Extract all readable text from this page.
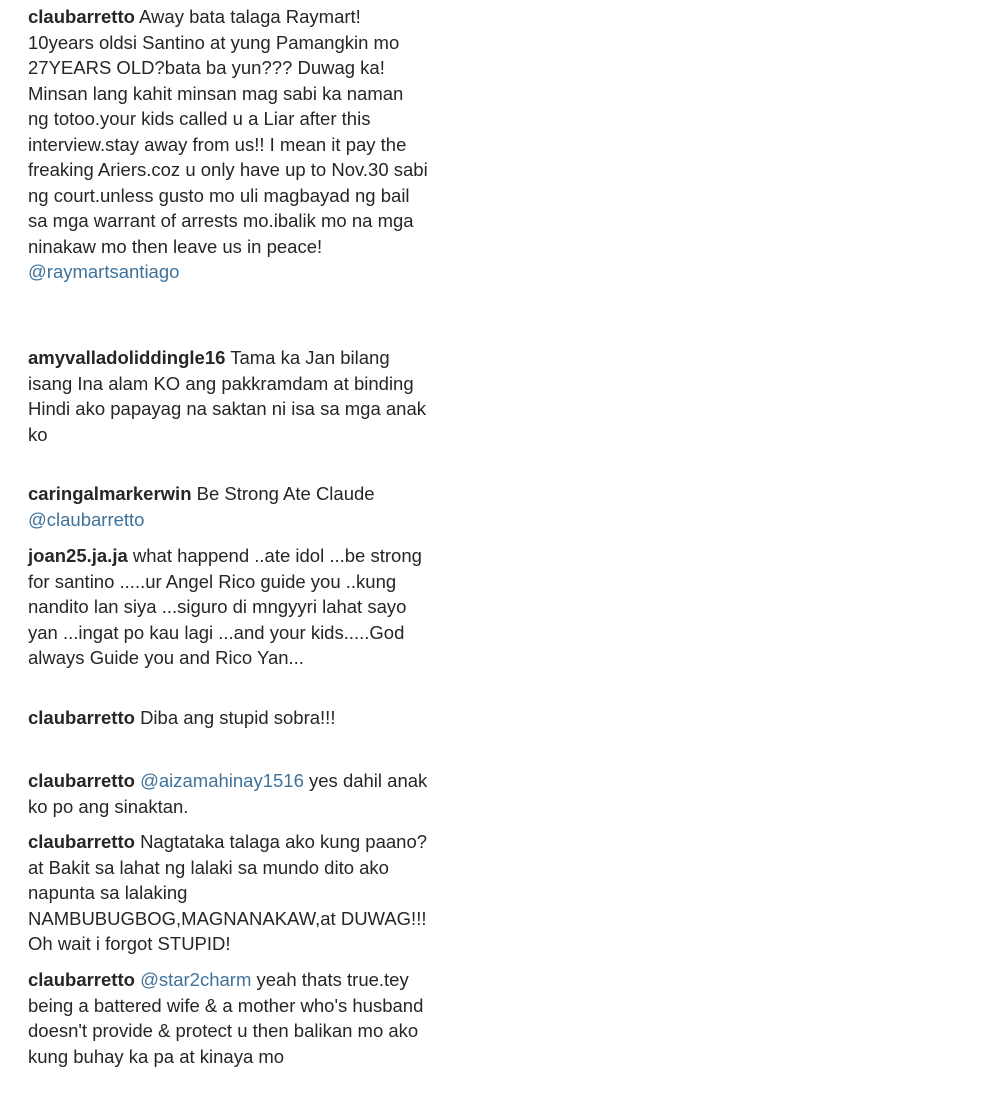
claubarretto Away bata talaga Raymart! 10years oldsi Santino at yung Pamangkin mo 27YEARS OLD?bata ba yun??? Duwag ka! Minsan lang kahit minsan mag sabi ka naman ng totoo.your kids called u a Liar after this interview.stay away from us!! I mean it pay the freaking Ariers.coz u only have up to Nov.30 sabi ng court.unless gusto mo uli magbayad ng bail sa mga warrant of arrests mo.ibalik mo na mga ninakaw mo then leave us in peace! @raymartsantiago
amyvalladoliddingle16 Tama ka Jan bilang isang Ina alam KO ang pakkramdam at binding Hindi ako papayag na saktan ni isa sa mga anak ko
caringalmarkerwin Be Strong Ate Claude @claubarretto
joan25.ja.ja what happend ..ate idol ...be strong for santino .....ur Angel Rico guide you ..kung nandito lan siya ...siguro di mngyyri lahat sayo yan ...ingat po kau lagi ...and your kids.....God always Guide you and Rico Yan...
claubarretto Diba ang stupid sobra!!!
claubarretto @aizamahinay1516 yes dahil anak ko po ang sinaktan.
claubarretto Nagtataka talaga ako kung paano?at Bakit sa lahat ng lalaki sa mundo dito ako napunta sa lalaking NAMBUBUGBOG,MAGNANAKAW,at DUWAG!!! Oh wait i forgot STUPID!
claubarretto @star2charm yeah thats true.tey being a battered wife & a mother who's husband doesn't provide & protect u then balikan mo ako kung buhay ka pa at kinaya mo
